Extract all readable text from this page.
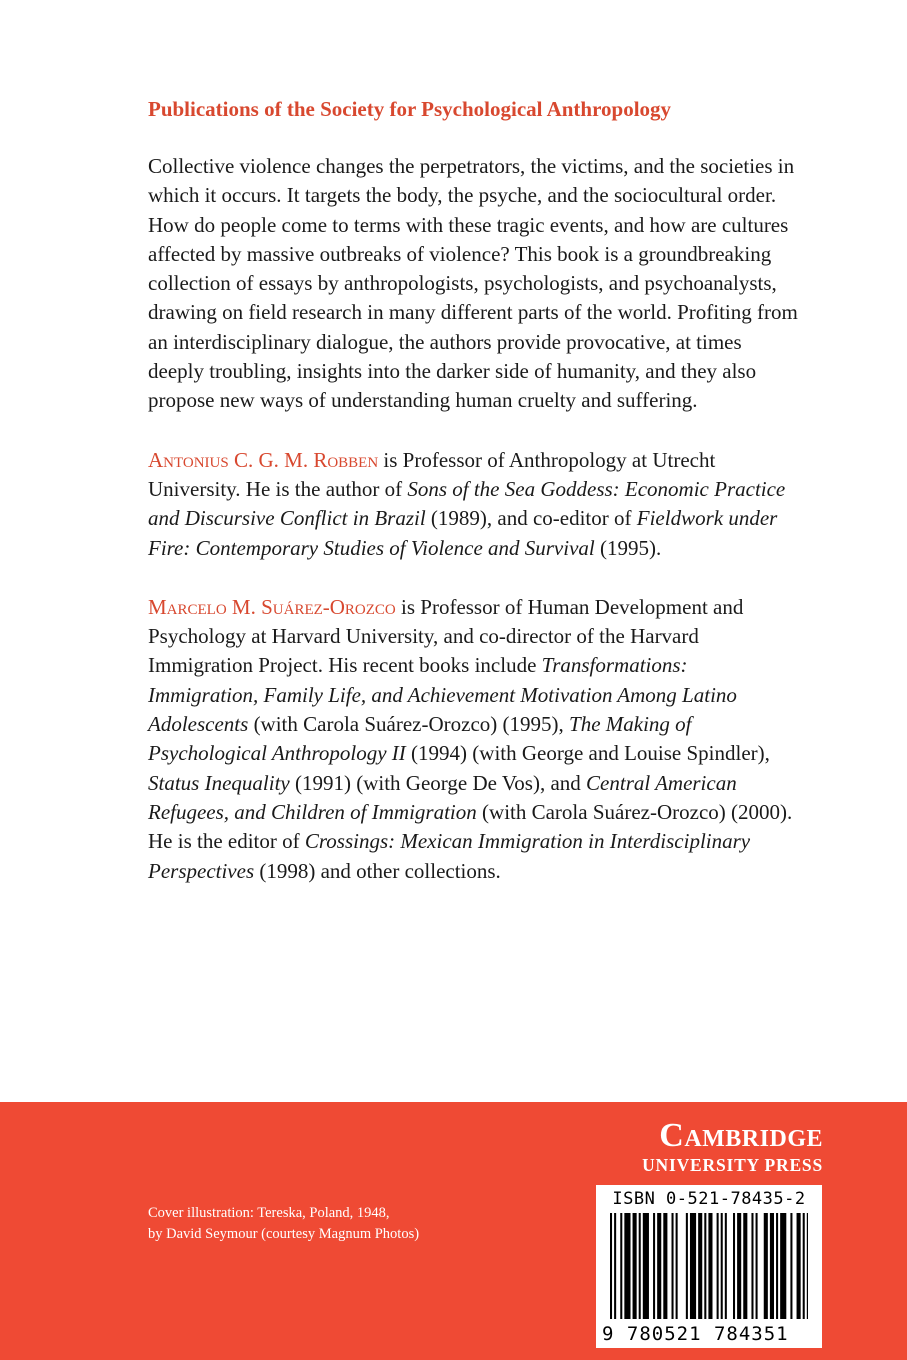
Publications of the Society for Psychological Anthropology

Collective violence changes the perpetrators, the victims, and the societies in which it occurs. It targets the body, the psyche, and the sociocultural order. How do people come to terms with these tragic events, and how are cultures affected by massive outbreaks of violence? This book is a groundbreaking collection of essays by anthropologists, psychologists, and psychoanalysts, drawing on field research in many different parts of the world. Profiting from an interdisciplinary dialogue, the authors provide provocative, at times deeply troubling, insights into the darker side of humanity, and they also propose new ways of understanding human cruelty and suffering.

Antonius C. G. M. Robben is Professor of Anthropology at Utrecht University. He is the author of Sons of the Sea Goddess: Economic Practice and Discursive Conflict in Brazil (1989), and co-editor of Fieldwork under Fire: Contemporary Studies of Violence and Survival (1995).

Marcelo M. Suárez-Orozco is Professor of Human Development and Psychology at Harvard University, and co-director of the Harvard Immigration Project. His recent books include Transformations: Immigration, Family Life, and Achievement Motivation Among Latino Adolescents (with Carola Suárez-Orozco) (1995), The Making of Psychological Anthropology II (1994) (with George and Louise Spindler), Status Inequality (1991) (with George De Vos), and Central American Refugees, and Children of Immigration (with Carola Suárez-Orozco) (2000). He is the editor of Crossings: Mexican Immigration in Interdisciplinary Perspectives (1998) and other collections.

Cover illustration: Tereska, Poland, 1948,
by David Seymour (courtesy Magnum Photos)
Cambridge
UNIVERSITY PRESS
ISBN 0-521-78435-2
9 780521 784351
